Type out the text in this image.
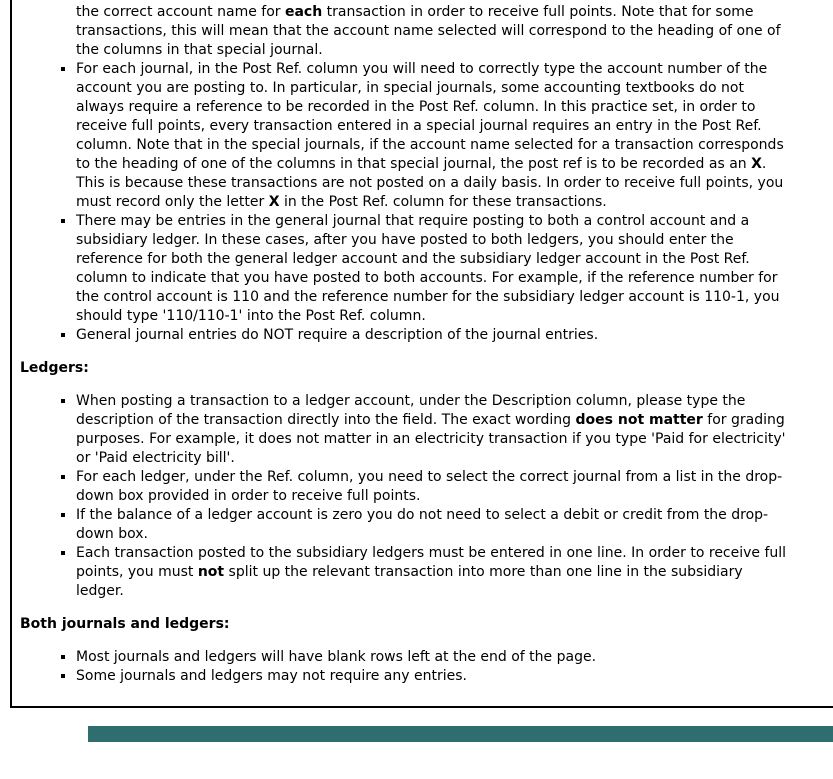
the correct account name for each transaction in order to receive full points. Note that for some transactions, this will mean that the account name selected will correspond to the heading of one of the columns in that special journal.
▪ For each journal, in the Post Ref. column you will need to correctly type the account number of the account you are posting to. In particular, in special journals, some accounting textbooks do not always require a reference to be recorded in the Post Ref. column. In this practice set, in order to receive full points, every transaction entered in a special journal requires an entry in the Post Ref. column. Note that in the special journals, if the account name selected for a transaction corresponds to the heading of one of the columns in that special journal, the post ref is to be recorded as an X. This is because these transactions are not posted on a daily basis. In order to receive full points, you must record only the letter X in the Post Ref. column for these transactions.
▪ There may be entries in the general journal that require posting to both a control account and a subsidiary ledger. In these cases, after you have posted to both ledgers, you should enter the reference for both the general ledger account and the subsidiary ledger account in the Post Ref. column to indicate that you have posted to both accounts. For example, if the reference number for the control account is 110 and the reference number for the subsidiary ledger account is 110-1, you should type '110/110-1' into the Post Ref. column.
▪ General journal entries do NOT require a description of the journal entries.

Ledgers:

▪ When posting a transaction to a ledger account, under the Description column, please type the description of the transaction directly into the field. The exact wording does not matter for grading purposes. For example, it does not matter in an electricity transaction if you type 'Paid for electricity' or 'Paid electricity bill'.
▪ For each ledger, under the Ref. column, you need to select the correct journal from a list in the drop-down box provided in order to receive full points.
▪ If the balance of a ledger account is zero you do not need to select a debit or credit from the drop-down box.
▪ Each transaction posted to the subsidiary ledgers must be entered in one line. In order to receive full points, you must not split up the relevant transaction into more than one line in the subsidiary ledger.

Both journals and ledgers:

▪ Most journals and ledgers will have blank rows left at the end of the page.
▪ Some journals and ledgers may not require any entries.
